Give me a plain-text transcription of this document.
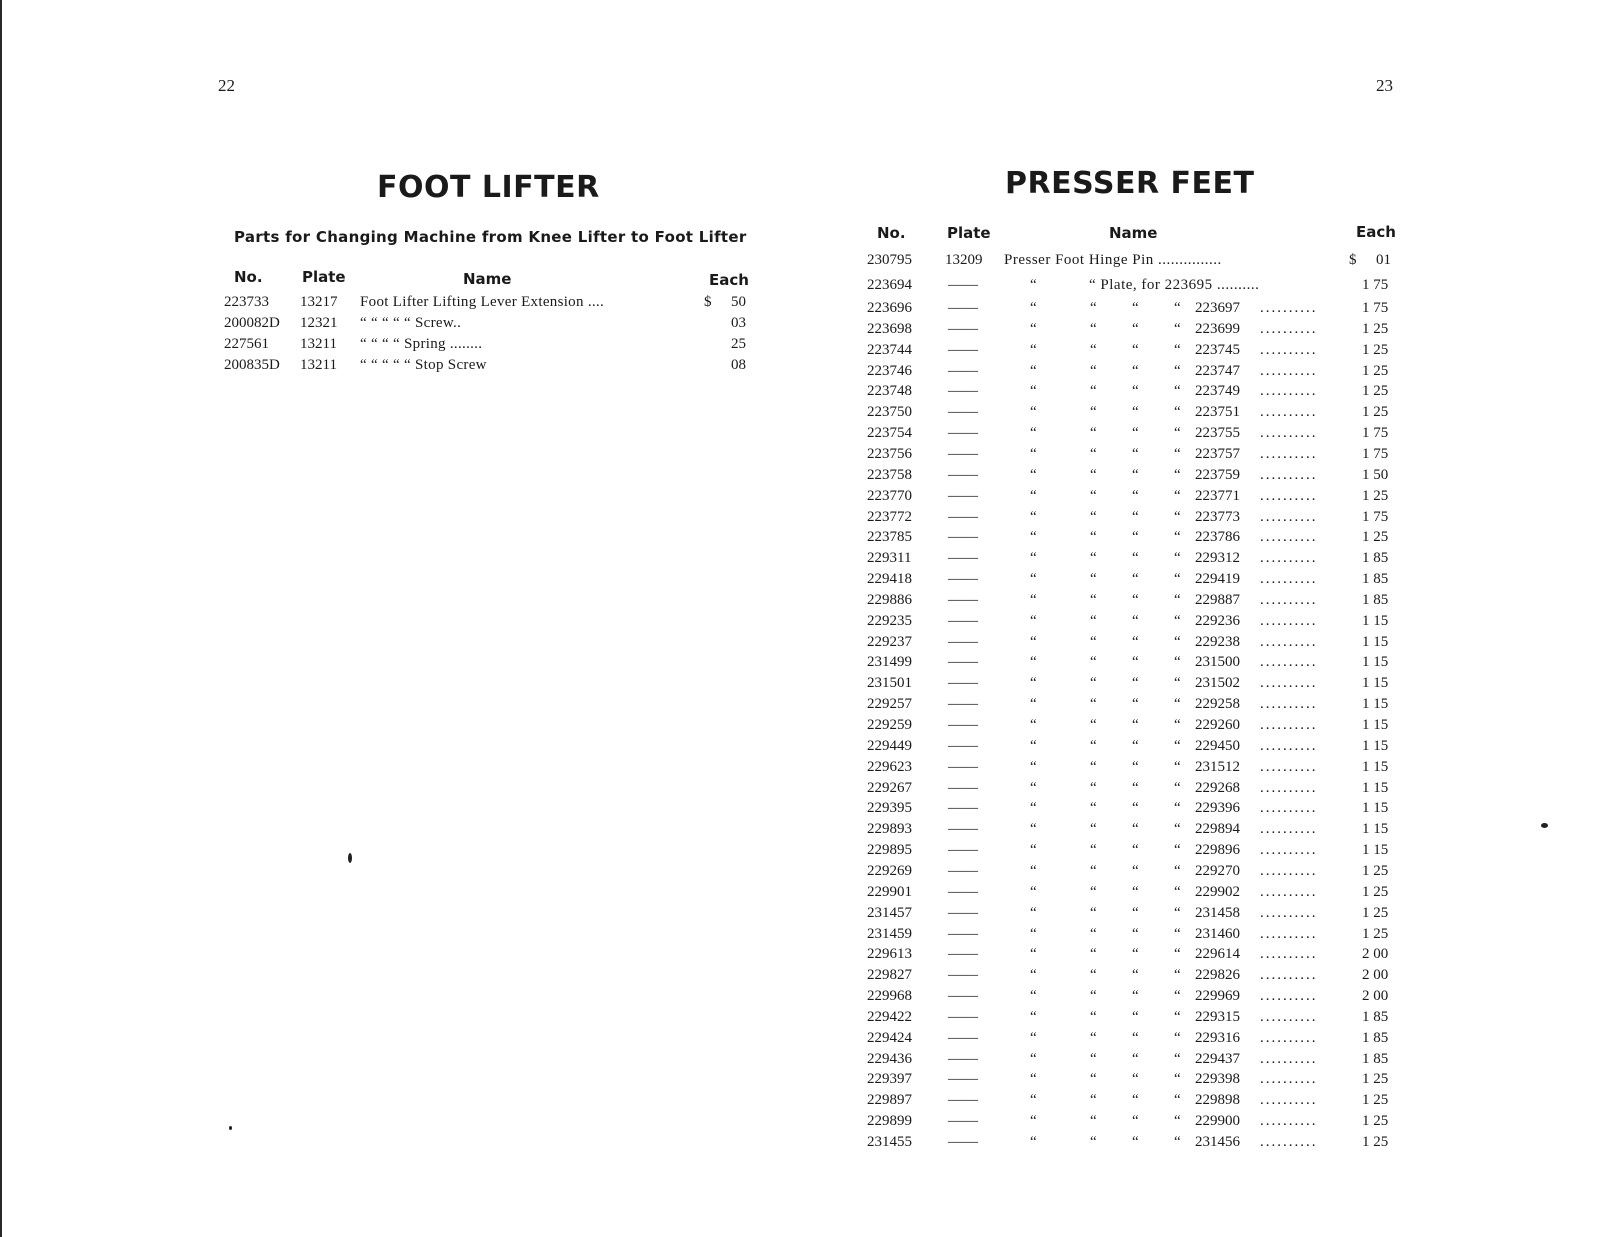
22	23
FOOT LIFTER
Parts for Changing Machine from Knee Lifter to Foot Lifter
No.	Plate	Name	Each
223733 13217 Foot Lifter Lifting Lever Extension ....	$ 50
200082D 12321 “ “ “ “ “ Screw..	03
227561 13211 “ “ “ “ Spring ........	25
200835D 13211 “ “ “ “ “ Stop Screw	08
PRESSER FEET
No.	Plate	Name	Each
230795 13209 Presser Foot Hinge Pin ...............	$ 01
223694 ——	“	“ Plate, for 223695 ..........	1 75
223696 ——	“	“ “ “ 223697 ..........	1 75
223698 ——	“	“ “ “ 223699 ..........	1 25
223744 ——	“	“ “ “ 223745 ..........	1 25
223746 ——	“	“ “ “ 223747 ..........	1 25
223748 ——	“	“ “ “ 223749 ..........	1 25
223750 ——	“	“ “ “ 223751 ..........	1 25
223754 ——	“	“ “ “ 223755 ..........	1 75
223756 ——	“	“ “ “ 223757 ..........	1 75
223758 ——	“	“ “ “ 223759 ..........	1 50
223770 ——	“	“ “ “ 223771 ..........	1 25
223772 ——	“	“ “ “ 223773 ..........	1 75
223785 ——	“	“ “ “ 223786 ..........	1 25
229311 ——	“	“ “ “ 229312 ..........	1 85
229418 ——	“	“ “ “ 229419 ..........	1 85
229886 ——	“	“ “ “ 229887 ..........	1 85
229235 ——	“	“ “ “ 229236 ..........	1 15
229237 ——	“	“ “ “ 229238 ..........	1 15
231499 ——	“	“ “ “ 231500 ..........	1 15
231501 ——	“	“ “ “ 231502 ..........	1 15
229257 ——	“	“ “ “ 229258 ..........	1 15
229259 ——	“	“ “ “ 229260 ..........	1 15
229449 ——	“	“ “ “ 229450 ..........	1 15
229623 ——	“	“ “ “ 231512 ..........	1 15
229267 ——	“	“ “ “ 229268 ..........	1 15
229395 ——	“	“ “ “ 229396 ..........	1 15
229893 ——	“	“ “ “ 229894 ..........	1 15
229895 ——	“	“ “ “ 229896 ..........	1 15
229269 ——	“	“ “ “ 229270 ..........	1 25
229901 ——	“	“ “ “ 229902 ..........	1 25
231457 ——	“	“ “ “ 231458 ..........	1 25
231459 ——	“	“ “ “ 231460 ..........	1 25
229613 ——	“	“ “ “ 229614 ..........	2 00
229827 ——	“	“ “ “ 229826 ..........	2 00
229968 ——	“	“ “ “ 229969 ..........	2 00
229422 ——	“	“ “ “ 229315 ..........	1 85
229424 ——	“	“ “ “ 229316 ..........	1 85
229436 ——	“	“ “ “ 229437 ..........	1 85
229397 ——	“	“ “ “ 229398 ..........	1 25
229897 ——	“	“ “ “ 229898 ..........	1 25
229899 ——	“	“ “ “ 229900 ..........	1 25
231455 ——	“	“ “ “ 231456 ..........	1 25
